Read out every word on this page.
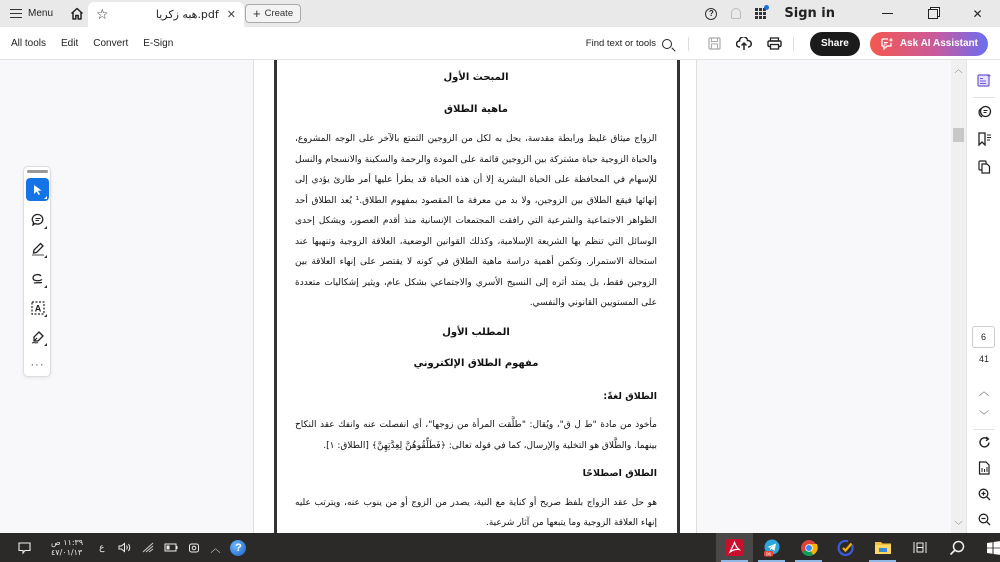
Menu	☆	هبه زكريا.pdf ✕ + Create	?	Sign in	✕
All tools	Edit	Convert	E-Sign	Find text or tools	Share	Ask AI Assistant
المبحث الأول
ماهية الطلاق

الزواج ميثاق غليظ ورابطة مقدسة، يحل به لكل من الزوجين التمتع بالآخر على الوجه المشروع، والحياة الزوجية حياة مشتركة بين الزوجين قائمة على المودة والرحمة والسكينة والانسجام والنسل للإسهام في المحافظة على الحياة البشرية إلا أن هذه الحياة قد يطرأ عليها أمر طارئ يؤدي إلى إنهائها فيقع الطلاق بين الزوجين، ولا بد من معرفة ما المقصود بمفهوم الطلاق.¹ يُعد الطلاق أحد الظواهر الاجتماعية والشرعية التي رافقت المجتمعات الإنسانية منذ أقدم العصور، ويشكل إحدى الوسائل التي تنظم بها الشريعة الإسلامية، وكذلك القوانين الوضعية، العلاقة الزوجية وتنهيها عند استحالة الاستمرار. وتكمن أهمية دراسة ماهية الطلاق في كونه لا يقتصر على إنهاء العلاقة بين الزوجين فقط، بل يمتد أثره إلى النسيج الأسري والاجتماعي بشكل عام، ويثير إشكاليات متعددة على المستويين القانوني والنفسي.

المطلب الأول
مفهوم الطلاق الإلكتروني
الطلاق لغةً:

مأخوذ من مادة "ط ل ق"، ويُقال: "طلَّقت المرأة من زوجها"، أي انفصلت عنه وانفك عقد النكاح بينهما. والطَّلاق هو التخلية والإرسال، كما في قوله تعالى: ﴿فَطَلِّقُوهُنَّ لِعِدَّتِهِنَّ﴾ [الطلاق: ١].

الطلاق اصطلاحًا

هو حل عقد الزواج بلفظ صريح أو كناية مع النية، يصدر من الزوج أو من ينوب عنه، ويترتب عليه إنهاء العلاقة الزوجية وما يتبعها من آثار شرعية.

A
···
︿
﹀
6
41
︿
﹀
١١:٣٩ ص
٤٧/٠١/١٣ ع	︿	?	06
